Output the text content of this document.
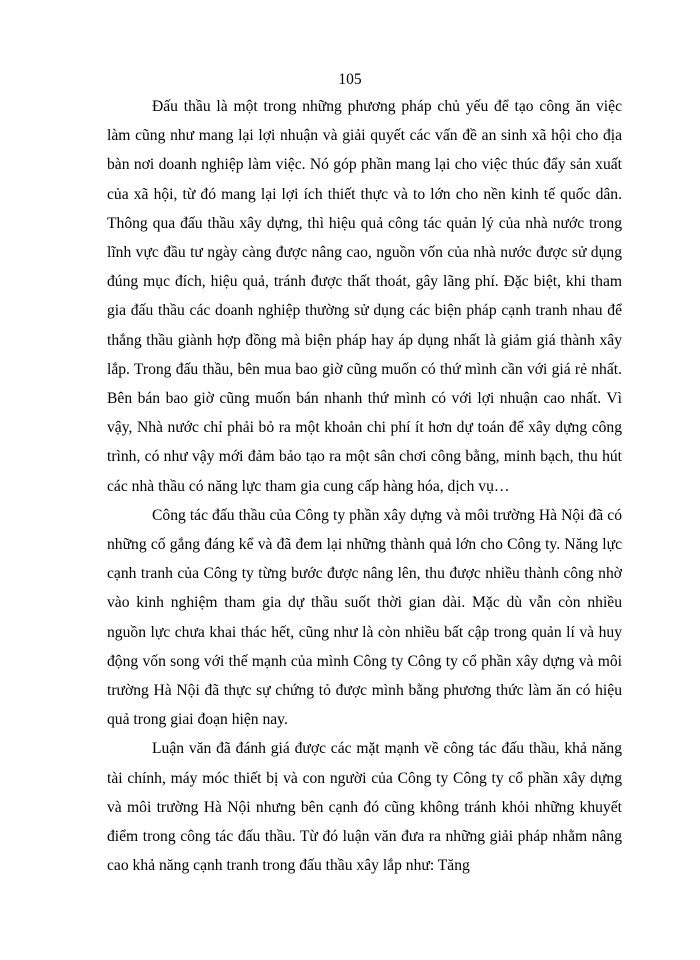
105

Đấu thầu là một trong những phương pháp chủ yếu để tạo công ăn việc làm cũng như mang lại lợi nhuận và giải quyết các vấn đề an sinh xã hội cho địa bàn nơi doanh nghiệp làm việc. Nó góp phần mang lại cho việc thúc đẩy sản xuất của xã hội, từ đó mang lại lợi ích thiết thực và to lớn cho nền kinh tế quốc dân. Thông qua đấu thầu xây dựng, thì hiệu quả công tác quản lý của nhà nước trong lĩnh vực đầu tư ngày càng được nâng cao, nguồn vốn của nhà nước được sử dụng đúng mục đích, hiệu quả, tránh được thất thoát, gây lãng phí. Đặc biệt, khi tham gia đấu thầu các doanh nghiệp thường sử dụng các biện pháp cạnh tranh nhau để thắng thầu giành hợp đồng mà biện pháp hay áp dụng nhất là giảm giá thành xây lắp. Trong đấu thầu, bên mua bao giờ cũng muốn có thứ mình cần với giá rẻ nhất. Bên bán bao giờ cũng muốn bán nhanh thứ mình có với lợi nhuận cao nhất. Vì vậy, Nhà nước chỉ phải bỏ ra một khoản chi phí ít hơn dự toán để xây dựng công trình, có như vậy mới đảm bảo tạo ra một sân chơi công bằng, minh bạch, thu hút các nhà thầu có năng lực tham gia cung cấp hàng hóa, dịch vụ…

Công tác đấu thầu của Công ty phần xây dựng và môi trường Hà Nội đã có những cố gắng đáng kể và đã đem lại những thành quả lớn cho Công ty. Năng lực cạnh tranh của Công ty từng bước được nâng lên, thu được nhiều thành công nhờ vào kinh nghiệm tham gia dự thầu suốt thời gian dài. Mặc dù vẫn còn nhiều nguồn lực chưa khai thác hết, cũng như là còn nhiều bất cập trong quản lí và huy động vốn song với thế mạnh của mình Công ty Công ty cổ phần xây dựng và môi trường Hà Nội đã thực sự chứng tỏ được mình bằng phương thức làm ăn có hiệu quả trong giai đoạn hiện nay.

Luận văn đã đánh giá được các mặt mạnh về công tác đấu thầu, khả năng tài chính, máy móc thiết bị và con người của Công ty Công ty cổ phần xây dựng và môi trường Hà Nội nhưng bên cạnh đó cũng không tránh khỏi những khuyết điểm trong công tác đấu thầu. Từ đó luận văn đưa ra những giải pháp nhằm nâng cao khả năng cạnh tranh trong đấu thầu xây lắp như: Tăng
